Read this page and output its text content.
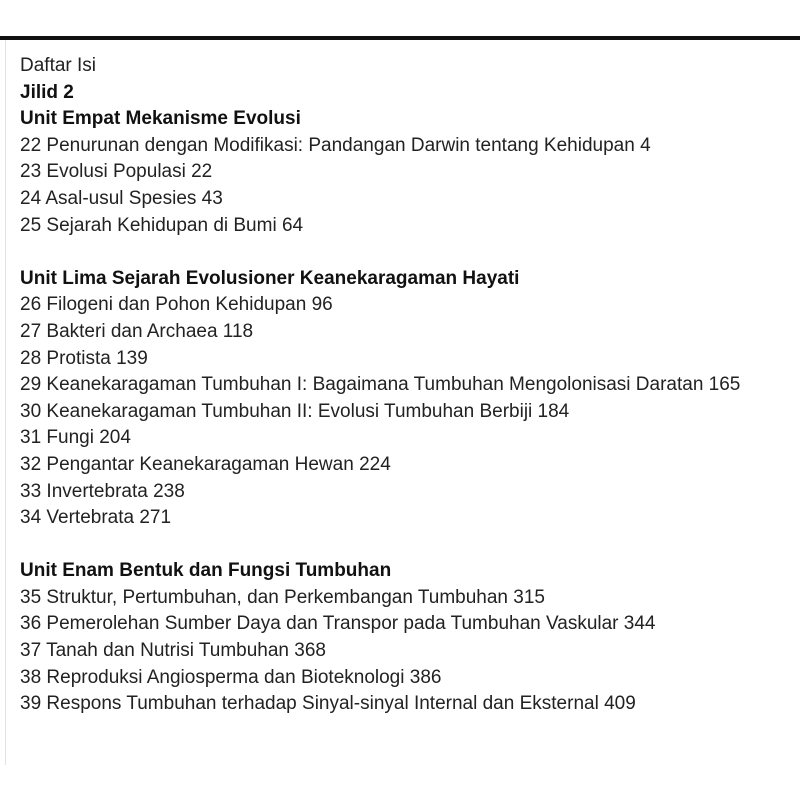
Daftar Isi
Jilid 2
Unit Empat Mekanisme Evolusi
22 Penurunan dengan Modifikasi: Pandangan Darwin tentang Kehidupan 4
23 Evolusi Populasi 22
24 Asal-usul Spesies 43
25 Sejarah Kehidupan di Bumi 64
Unit Lima Sejarah Evolusioner Keanekaragaman Hayati
26 Filogeni dan Pohon Kehidupan 96
27 Bakteri dan Archaea 118
28 Protista 139
29 Keanekaragaman Tumbuhan I: Bagaimana Tumbuhan Mengolonisasi Daratan 165
30 Keanekaragaman Tumbuhan II: Evolusi Tumbuhan Berbiji 184
31 Fungi 204
32 Pengantar Keanekaragaman Hewan 224
33 Invertebrata 238
34 Vertebrata 271
Unit Enam Bentuk dan Fungsi Tumbuhan
35 Struktur, Pertumbuhan, dan Perkembangan Tumbuhan 315
36 Pemerolehan Sumber Daya dan Transpor pada Tumbuhan Vaskular 344
37 Tanah dan Nutrisi Tumbuhan 368
38 Reproduksi Angiosperma dan Bioteknologi 386
39 Respons Tumbuhan terhadap Sinyal-sinyal Internal dan Eksternal 409
